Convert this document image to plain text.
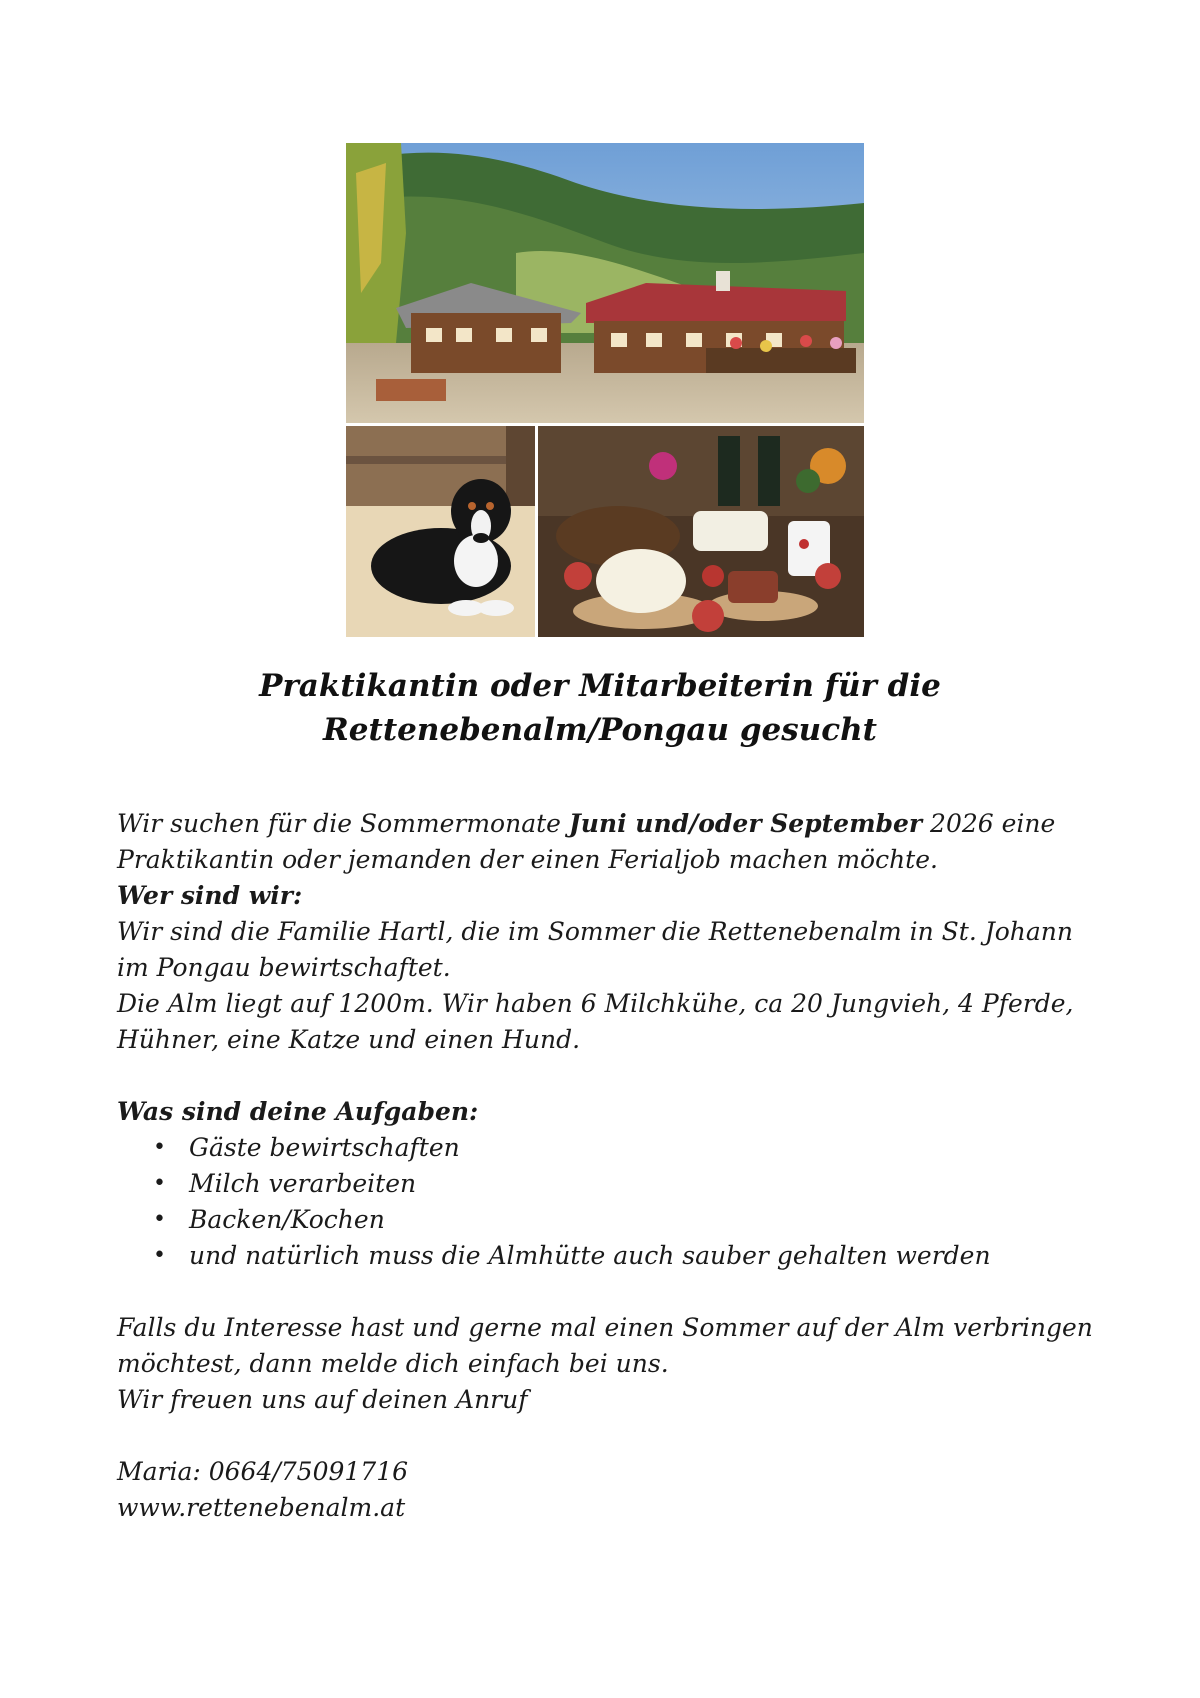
Praktikantin oder Mitarbeiterin für die
Rettenebenalm/Pongau gesucht

Wir suchen für die Sommermonate Juni und/oder September 2026 eine Praktikantin oder jemanden der einen Ferialjob machen möchte.

Wer sind wir:

Wir sind die Familie Hartl, die im Sommer die Rettenebenalm in St. Johann im Pongau bewirtschaftet.

Die Alm liegt auf 1200m. Wir haben 6 Milchkühe, ca 20 Jungvieh, 4 Pferde, Hühner, eine Katze und einen Hund.

Was sind deine Aufgaben:

• Gäste bewirtschaften
• Milch verarbeiten
• Backen/Kochen
• und natürlich muss die Almhütte auch sauber gehalten werden

Falls du Interesse hast und gerne mal einen Sommer auf der Alm verbringen möchtest, dann melde dich einfach bei uns.

Wir freuen uns auf deinen Anruf

Maria: 0664/75091716

www.rettenebenalm.at
